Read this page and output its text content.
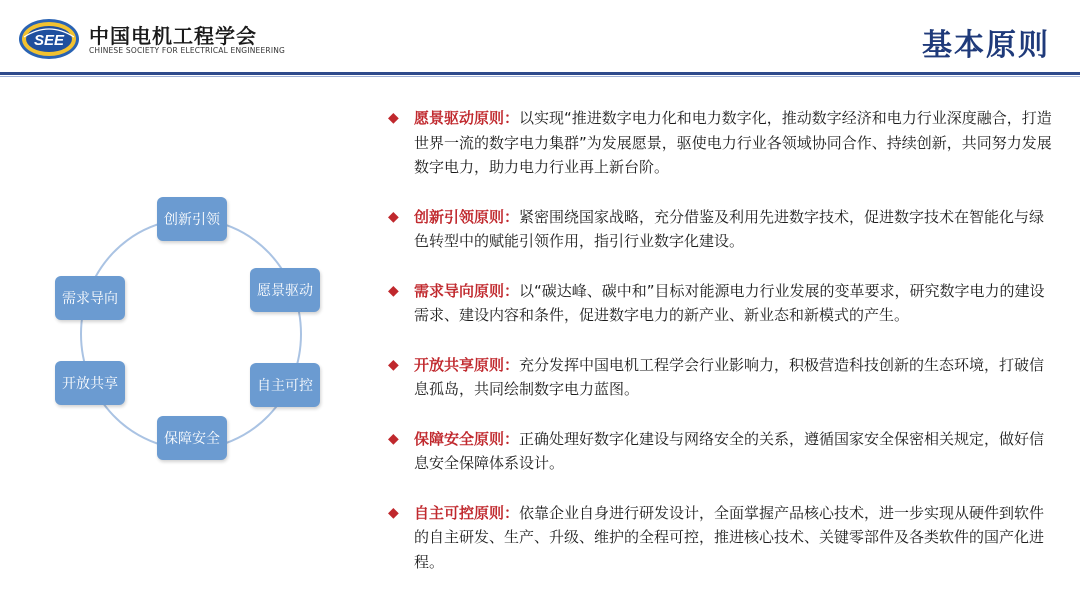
SEE 中国电机工程学会
CHINESE SOCIETY FOR ELECTRICAL ENGINEERING	基本原则
创新引领
愿景驱动
自主可控
保障安全
开放共享
需求导向
◆ 愿景驱动原则：以实现“推进数字电力化和电力数字化，推动数字经济和电力行业深度融合，打造世界一流的数字电力集群”为发展愿景，驱使电力行业各领域协同合作、持续创新，共同努力发展数字电力，助力电力行业再上新台阶。
◆ 创新引领原则：紧密围绕国家战略，充分借鉴及利用先进数字技术，促进数字技术在智能化与绿色转型中的赋能引领作用，指引行业数字化建设。
◆ 需求导向原则：以“碳达峰、碳中和”目标对能源电力行业发展的变革要求，研究数字电力的建设需求、建设内容和条件，促进数字电力的新产业、新业态和新模式的产生。
◆ 开放共享原则：充分发挥中国电机工程学会行业影响力，积极营造科技创新的生态环境，打破信息孤岛，共同绘制数字电力蓝图。
◆ 保障安全原则：正确处理好数字化建设与网络安全的关系，遵循国家安全保密相关规定，做好信息安全保障体系设计。
◆ 自主可控原则：依靠企业自身进行研发设计，全面掌握产品核心技术，进一步实现从硬件到软件的自主研发、生产、升级、维护的全程可控，推进核心技术、关键零部件及各类软件的国产化进程。
